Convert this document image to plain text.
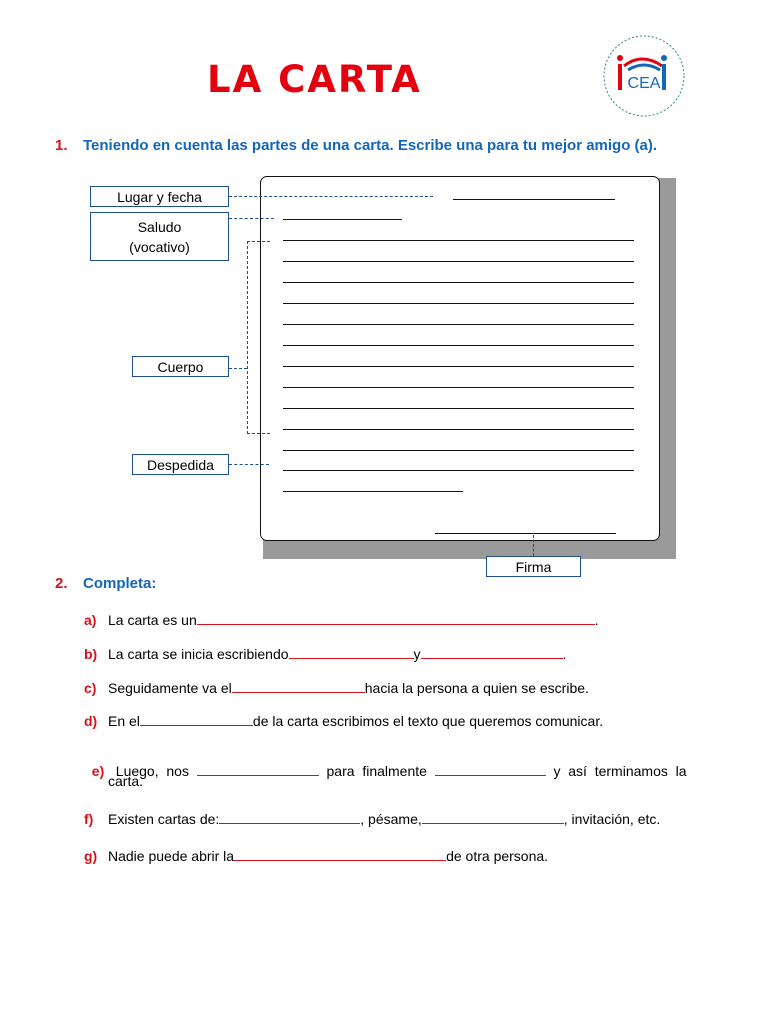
LA CARTA	CEA
1. Teniendo en cuenta las partes de una carta. Escribe una para tu mejor amigo (a).
Lugar y fecha
Saludo
(vocativo)
Cuerpo
Despedida
Firma
2. Completa:
a) La carta es un	.
b) La carta se inicia escribiendo	y	.
c) Seguidamente va el	hacia la persona a quien se escribe.
d) En el	de la carta escribimos el texto que queremos comunicar.

e) Luego,  nos	para  finalmente	y  así  terminamos  la

carta.
f) Existen cartas de:	, pésame,	, invitación, etc.
g) Nadie puede abrir la	de otra persona.
